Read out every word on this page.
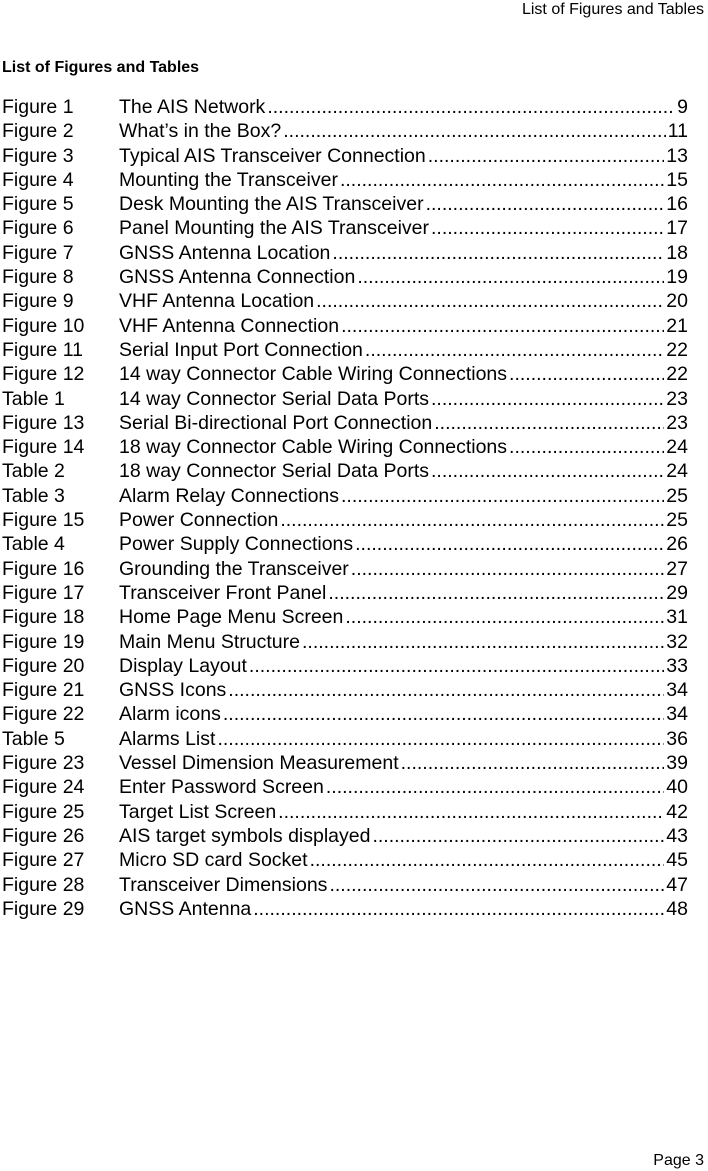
List of Figures and Tables
List of Figures and Tables
Figure 1	The AIS Network .....	9
Figure 2	What’s in the Box? .....	11
Figure 3	Typical AIS Transceiver Connection .....	13
Figure 4	Mounting the Transceiver .....	15
Figure 5	Desk Mounting the AIS Transceiver .....	16
Figure 6	Panel Mounting the AIS Transceiver .....	17
Figure 7	GNSS Antenna Location .....	18
Figure 8	GNSS Antenna Connection .....	19
Figure 9	VHF Antenna Location .....	20
Figure 10	VHF Antenna Connection .....	21
Figure 11	Serial Input Port Connection .....	22
Figure 12	14 way Connector Cable Wiring Connections .....	22
Table 1	14 way Connector Serial Data Ports .....	23
Figure 13	Serial Bi-directional Port Connection .....	23
Figure 14	18 way Connector Cable Wiring Connections .....	24
Table 2	18 way Connector Serial Data Ports .....	24
Table 3	Alarm Relay Connections .....	25
Figure 15	Power Connection .....	25
Table 4	Power Supply Connections .....	26
Figure 16	Grounding the Transceiver .....	27
Figure 17	Transceiver Front Panel .....	29
Figure 18	Home Page Menu Screen .....	31
Figure 19	Main Menu Structure .....	32
Figure 20	Display Layout .....	33
Figure 21	GNSS Icons .....	34
Figure 22	Alarm icons .....	34
Table 5	Alarms List .....	36
Figure 23	Vessel Dimension Measurement .....	39
Figure 24	Enter Password Screen .....	40
Figure 25	Target List Screen .....	42
Figure 26	AIS target symbols displayed .....	43
Figure 27	Micro SD card Socket .....	45
Figure 28	Transceiver Dimensions .....	47
Figure 29	GNSS Antenna .....	48
Page 3
